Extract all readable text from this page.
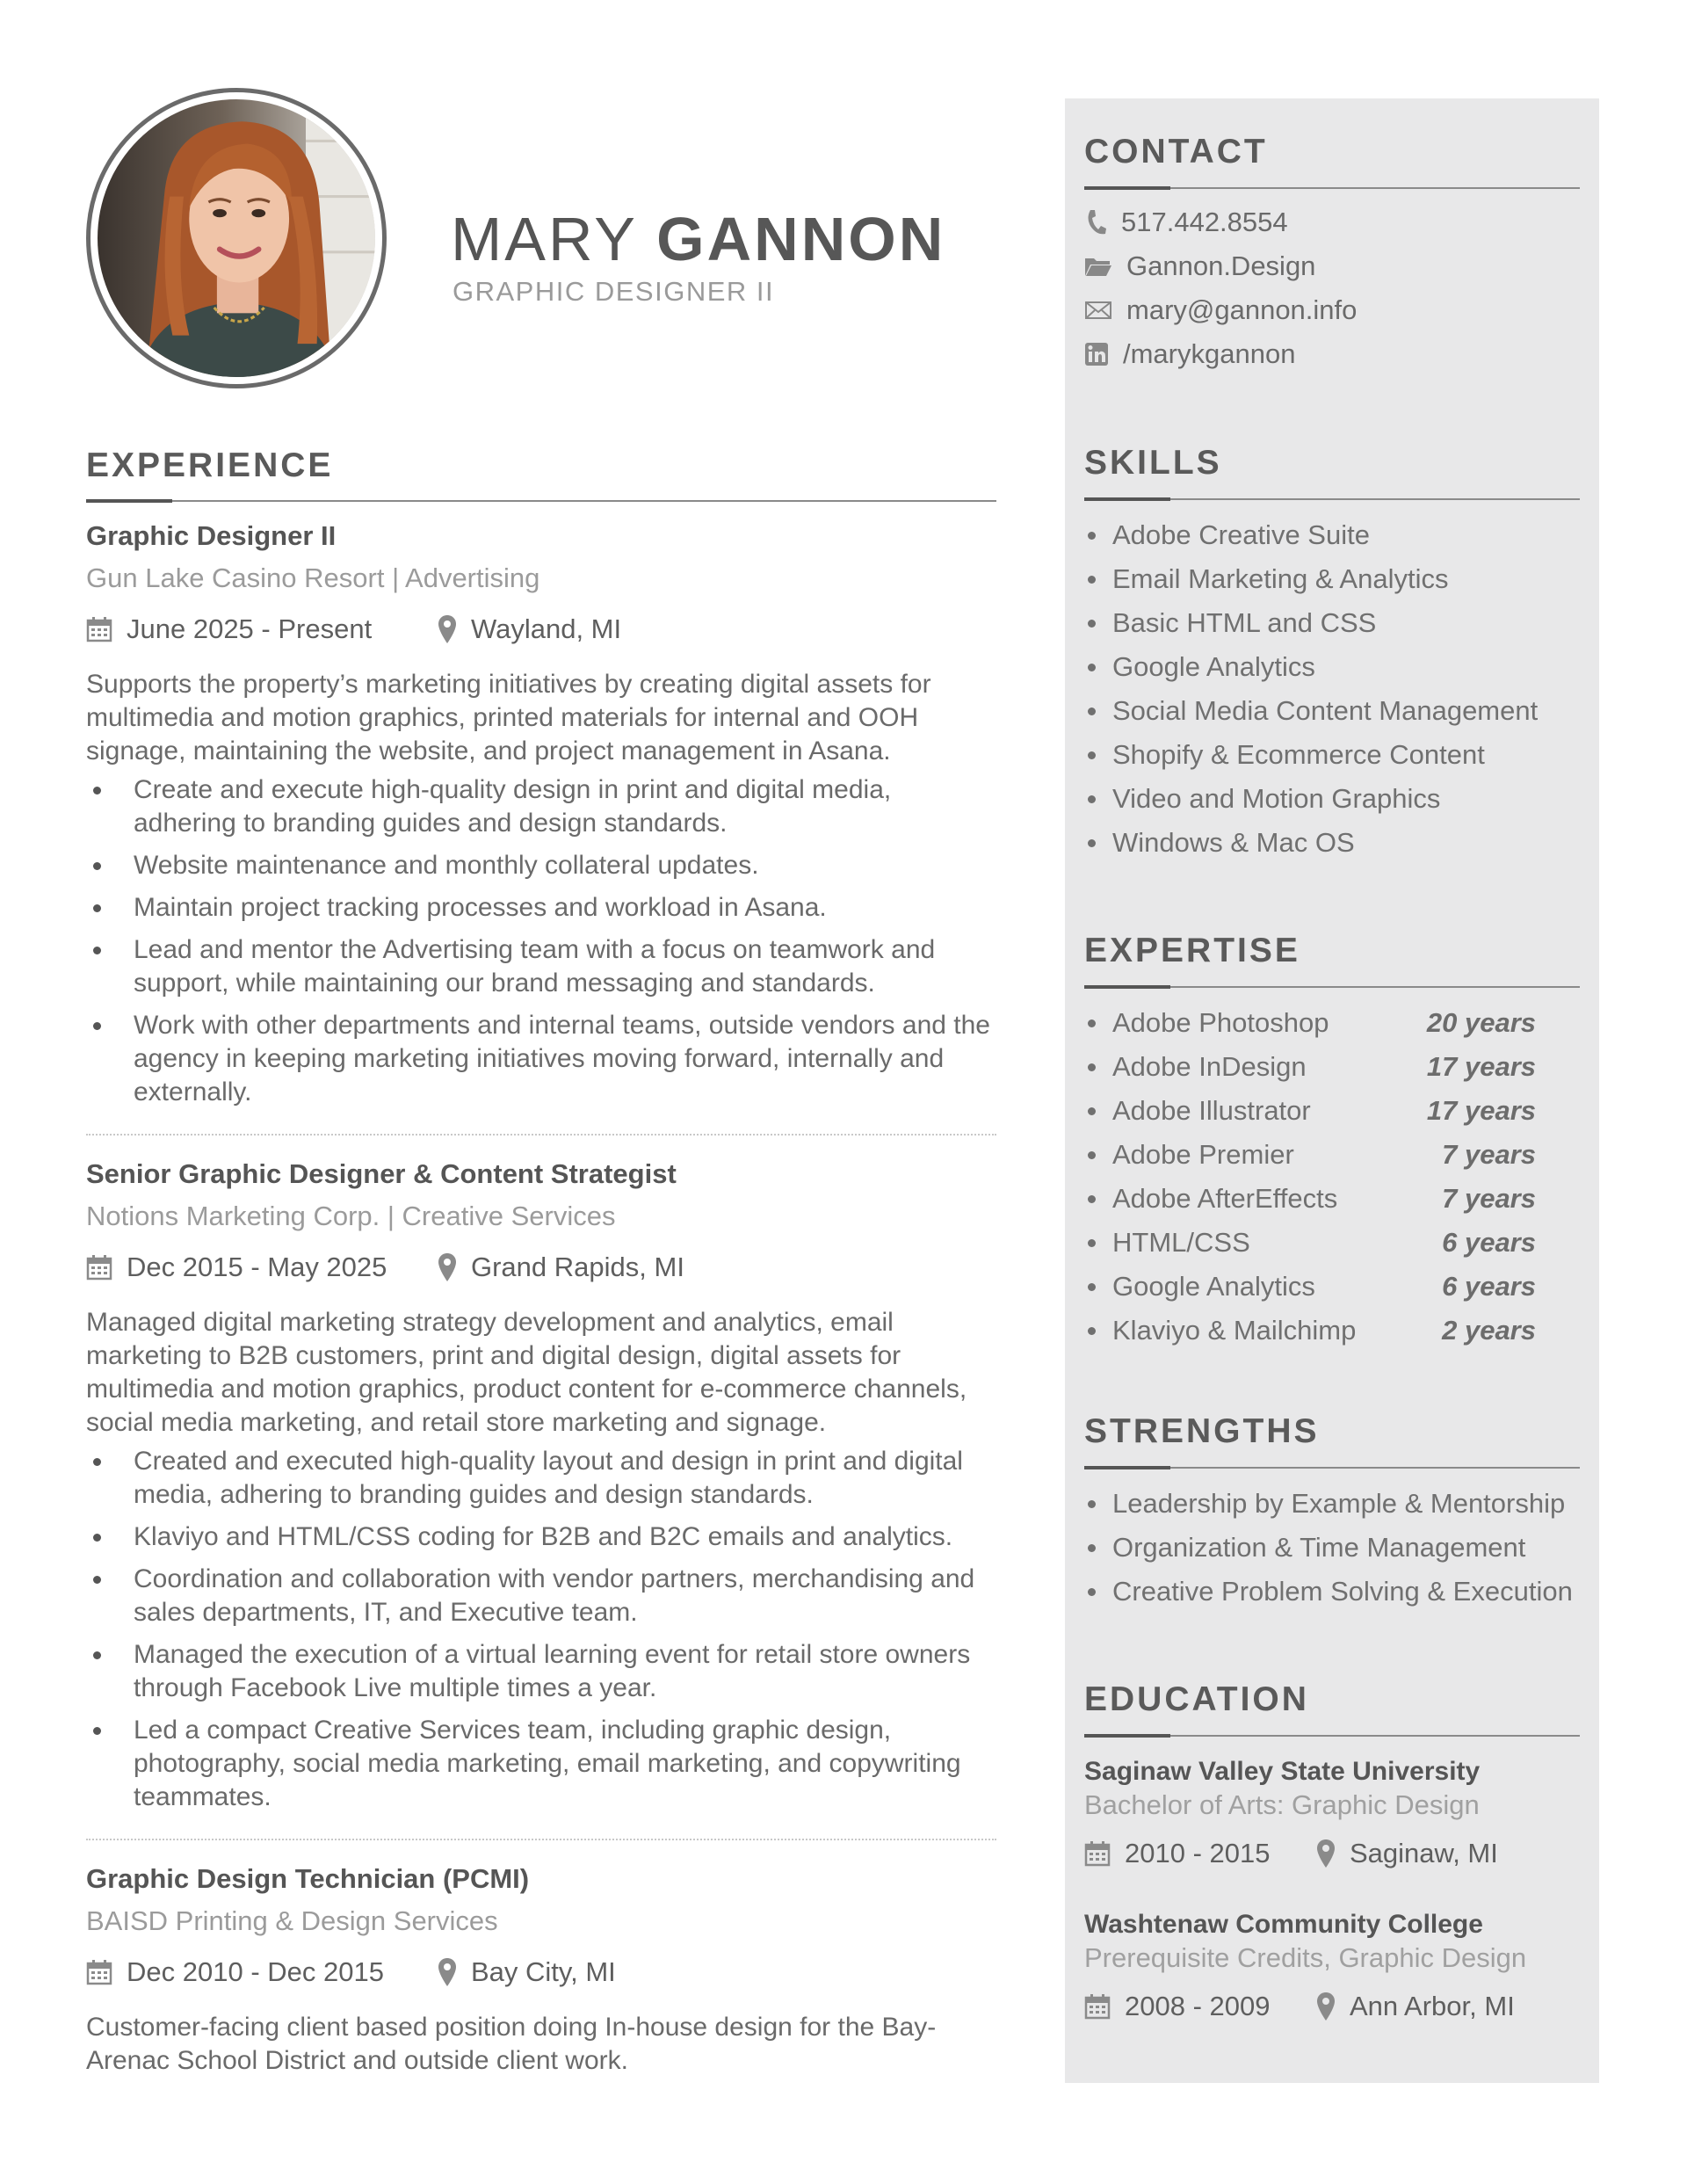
MARY GANNON
GRAPHIC DESIGNER II
EXPERIENCE
Graphic Designer II
Gun Lake Casino Resort | Advertising
June 2025 - Present	Wayland, MI

Supports the property’s marketing initiatives by creating digital assets for multimedia and motion graphics, printed materials for internal and OOH signage, maintaining the website, and project management in Asana.

Create and execute high-quality design in print and digital media, adhering to branding guides and design standards.
Website maintenance and monthly collateral updates.
Maintain project tracking processes and workload in Asana.
Lead and mentor the Advertising team with a focus on teamwork and support, while maintaining our brand messaging and standards.
Work with other departments and internal teams, outside vendors and the agency in keeping marketing initiatives moving forward, internally and externally.
Senior Graphic Designer & Content Strategist
Notions Marketing Corp. | Creative Services
Dec 2015 - May 2025	Grand Rapids, MI

Managed digital marketing strategy development and analytics, email marketing to B2B customers, print and digital design, digital assets for multimedia and motion graphics, product content for e-commerce channels, social media marketing, and retail store marketing and signage.

Created and executed high-quality layout and design in print and digital media, adhering to branding guides and design standards.
Klaviyo and HTML/CSS coding for B2B and B2C emails and analytics.
Coordination and collaboration with vendor partners, merchandising and sales departments, IT, and Executive team.
Managed the execution of a virtual learning event for retail store owners through Facebook Live multiple times a year.
Led a compact Creative Services team, including graphic design, photography, social media marketing, email marketing, and copywriting teammates.
Graphic Design Technician (PCMI)
BAISD Printing & Design Services
Dec 2010 - Dec 2015	Bay City, MI

Customer-facing client based position doing In-house design for the Bay-Arenac School District and outside client work.

CONTACT
517.442.8554
Gannon.Design
mary@gannon.info
/marykgannon
SKILLS
Adobe Creative Suite
Email Marketing & Analytics
Basic HTML and CSS
Google Analytics
Social Media Content Management
Shopify & Ecommerce Content
Video and Motion Graphics
Windows & Mac OS
EXPERTISE
Adobe Photoshop	20 years
Adobe InDesign	17 years
Adobe Illustrator	17 years
Adobe Premier	7 years
Adobe AfterEffects	7 years
HTML/CSS	6 years
Google Analytics	6 years
Klaviyo & Mailchimp	2 years
STRENGTHS
Leadership by Example & Mentorship
Organization & Time Management
Creative Problem Solving & Execution
EDUCATION
Saginaw Valley State University
Bachelor of Arts: Graphic Design
2010 - 2015	Saginaw, MI
Washtenaw Community College
Prerequisite Credits, Graphic Design
2008 - 2009	Ann Arbor, MI
